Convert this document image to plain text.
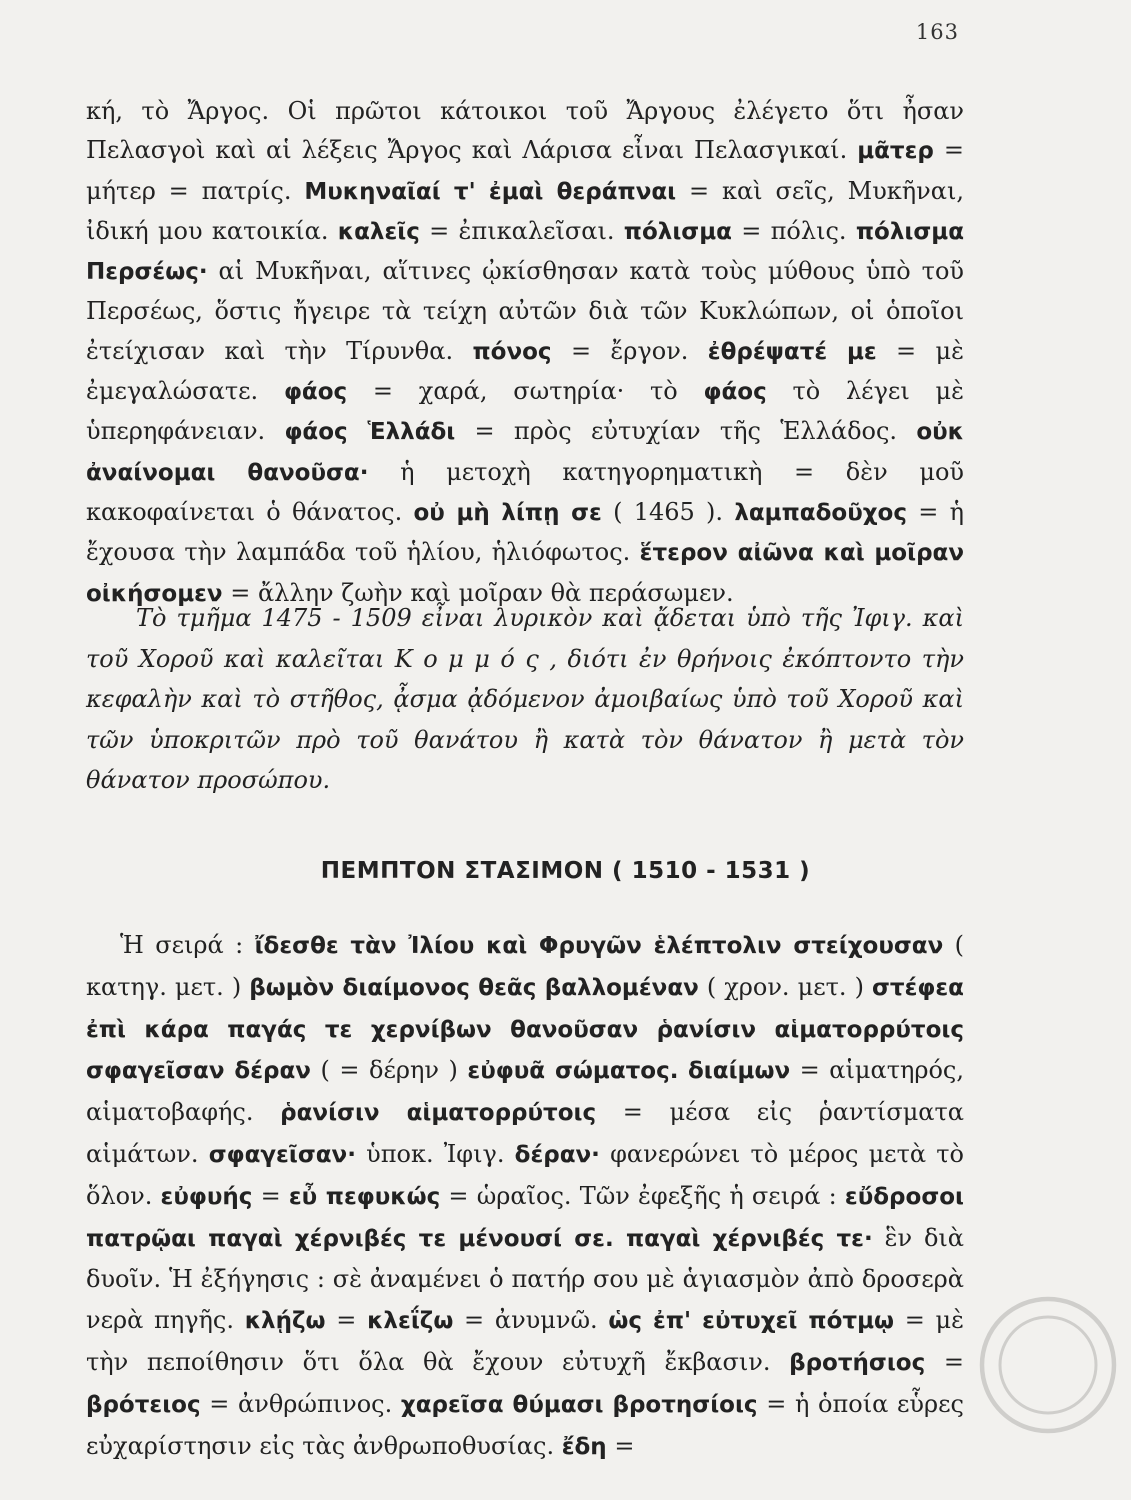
163

κή, τὸ Ἄργος. Οἱ πρῶτοι κάτοικοι τοῦ Ἄργους ἐλέγετο ὅτι ἦσαν Πελασγοὶ καὶ αἱ λέξεις Ἄργος καὶ Λάρισα εἶναι Πελασγικαί. μᾶτερ = μήτερ = πατρίς. Μυκηναῖαί τ' ἐμαὶ θεράπναι = καὶ σεῖς, Μυκῆναι, ἰδική μου κατοικία. καλεῖς = ἐπικαλεῖσαι. πόλισμα = πόλις. πόλισμα Περσέως· αἱ Μυκῆναι, αἵτινες ᾠκίσθησαν κατὰ τοὺς μύθους ὑπὸ τοῦ Περσέως, ὅστις ἤγειρε τὰ τείχη αὐτῶν διὰ τῶν Κυκλώπων, οἱ ὁποῖοι ἐτείχισαν καὶ τὴν Τίρυνθα. πόνος = ἔργον. ἐθρέψατέ με = μὲ ἐμεγαλώσατε. φάος = χαρά, σωτηρία· τὸ φάος τὸ λέγει μὲ ὑπερηφάνειαν. φάος Ἑλλάδι = πρὸς εὐτυχίαν τῆς Ἑλλάδος. οὐκ ἀναίνομαι θανοῦσα· ἡ μετοχὴ κατηγορηματικὴ = δὲν μοῦ κακοφαίνεται ὁ θάνατος. οὐ μὴ λίπῃ σε ( 1465 ). λαμπαδοῦχος = ἡ ἔχουσα τὴν λαμπάδα τοῦ ἡλίου, ἡλιόφωτος. ἕτερον αἰῶνα καὶ μοῖραν οἰκήσομεν = ἄλλην ζωὴν καὶ μοῖραν θὰ περάσωμεν.

Τὸ τμῆμα 1475 - 1509 εἶναι λυρικὸν καὶ ᾄδεται ὑπὸ τῆς Ἰφιγ. καὶ τοῦ Χοροῦ καὶ καλεῖται Κ ο μ μ ό ς , διότι ἐν θρήνοις ἐκόπτοντο τὴν κεφαλὴν καὶ τὸ στῆθος, ᾆσμα ᾀδόμενον ἀμοιβαίως ὑπὸ τοῦ Χοροῦ καὶ τῶν ὑποκριτῶν πρὸ τοῦ θανάτου ἢ κατὰ τὸν θάνατον ἢ μετὰ τὸν θάνατον προσώπου.

ΠΕΜΠΤΟΝ ΣΤΑΣΙΜΟΝ ( 1510 - 1531 )

Ἡ σειρά : ἴδεσθε τὰν Ἰλίου καὶ Φρυγῶν ἑλέπτολιν στείχουσαν ( κατηγ. μετ. ) βωμὸν διαίμονος θεᾶς βαλλομέναν ( χρον. μετ. ) στέφεα ἐπὶ κάρα παγάς τε χερνίβων θανοῦσαν ῥανίσιν αἱματορρύτοις σφαγεῖσαν δέραν ( = δέρην ) εὐφυᾶ σώματος. διαίμων = αἱματηρός, αἱματοβαφής. ῥανίσιν αἱματορρύτοις = μέσα εἰς ῥαντίσματα αἱμάτων. σφαγεῖσαν· ὑποκ. Ἰφιγ. δέραν· φανερώνει τὸ μέρος μετὰ τὸ ὅλον. εὐφυής = εὖ πεφυκώς = ὡραῖος. Τῶν ἐφεξῆς ἡ σειρά : εὔδροσοι πατρῷαι παγαὶ χέρνιβές τε μένουσί σε. παγαὶ χέρνιβές τε· ἓν διὰ δυοῖν. Ἡ ἐξήγησις : σὲ ἀναμένει ὁ πατήρ σου μὲ ἁγιασμὸν ἀπὸ δροσερὰ νερὰ πηγῆς. κλῄζω = κλεΐζω = ἀνυμνῶ. ὡς ἐπ' εὐτυχεῖ πότμῳ = μὲ τὴν πεποίθησιν ὅτι ὅλα θὰ ἔχουν εὐτυχῆ ἔκβασιν. βροτήσιος = βρότειος = ἀνθρώπινος. χαρεῖσα θύμασι βροτησίοις = ἡ ὁποία εὗρες εὐχαρίστησιν εἰς τὰς ἀνθρωποθυσίας. ἔδη =
